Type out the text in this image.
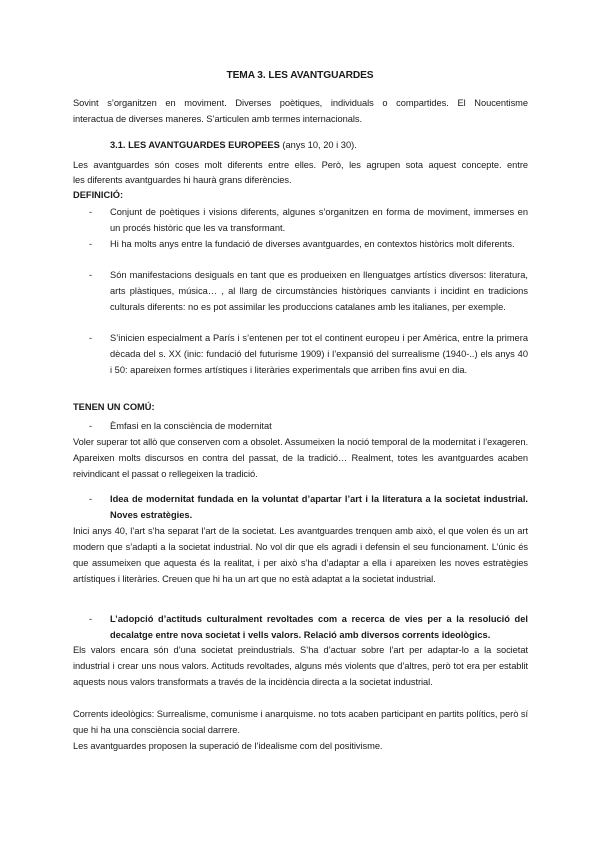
TEMA 3. LES AVANTGUARDES
Sovint s’organitzen en moviment. Diverses poètiques, individuals o compartides. El Noucentisme
interactua de diverses maneres. S’articulen amb termes internacionals.
3.1. LES AVANTGUARDES EUROPEES (anys 10, 20 i 30).
Les avantguardes són coses molt diferents entre elles. Però, les agrupen sota aquest concepte. entre
les diferents avantguardes hi haurà grans diferències.
DEFINICIÓ:
- Conjunt de poètiques i visions diferents, algunes s’organitzen en forma de moviment, immerses en un procés històric que les va transformant.
- Hi ha molts anys entre la fundació de diverses avantguardes, en contextos històrics molt diferents.
- Són manifestacions desiguals en tant que es produeixen en llenguatges artístics diversos: literatura, arts plàstiques, música… , al llarg de circumstàncies històriques canviants i incidint en tradicions culturals diferents: no es pot assimilar les produccions catalanes amb les italianes, per exemple.
- S’inicien especialment a París i s’entenen per tot el continent europeu i per Amèrica, entre la primera dècada del s. XX (inic: fundació del futurisme 1909) i l’expansió del surrealisme (1940-..) els anys 40 i 50: apareixen formes artístiques i literàries experimentals que arriben fins avui en dia.
TENEN UN COMÚ:
- Èmfasi en la consciència de modernitat
Voler superar tot allò que conserven com a obsolet. Assumeixen la noció temporal de la modernitat i l’exageren. Apareixen molts discursos en contra del passat, de la tradició… Realment, totes les avantguardes acaben reivindicant el passat o rellegeixen la tradició.
- Idea de modernitat fundada en la voluntat d’apartar l’art i la literatura a la societat industrial. Noves estratègies.
Inici anys 40, l’art s’ha separat l’art de la societat. Les avantguardes trenquen amb això, el que volen és un art modern que s’adapti a la societat industrial. No vol dir que els agradi i defensin el seu funcionament. L’únic és que assumeixen que aquesta és la realitat, i per això s’ha d’adaptar a ella i apareixen les noves estratègies artístiques i literàries. Creuen que hi ha un art que no està adaptat a la societat industrial.
- L’adopció d’actituds culturalment revoltades com a recerca de vies per a la resolució del decalatge entre nova societat i vells valors. Relació amb diversos corrents ideològics.
Els valors encara són d’una societat preindustrials. S’ha d’actuar sobre l’art per adaptar-lo a la societat industrial i crear uns nous valors. Actituds revoltades, alguns més violents que d’altres, però tot era per establit aquests nous valors transformats a través de la incidència directa a la societat industrial.
Corrents ideològics: Surrealisme, comunisme i anarquisme. no tots acaben participant en partits polítics, però sí que hi ha una consciència social darrere.
Les avantguardes proposen la superació de l’idealisme com del positivisme.
